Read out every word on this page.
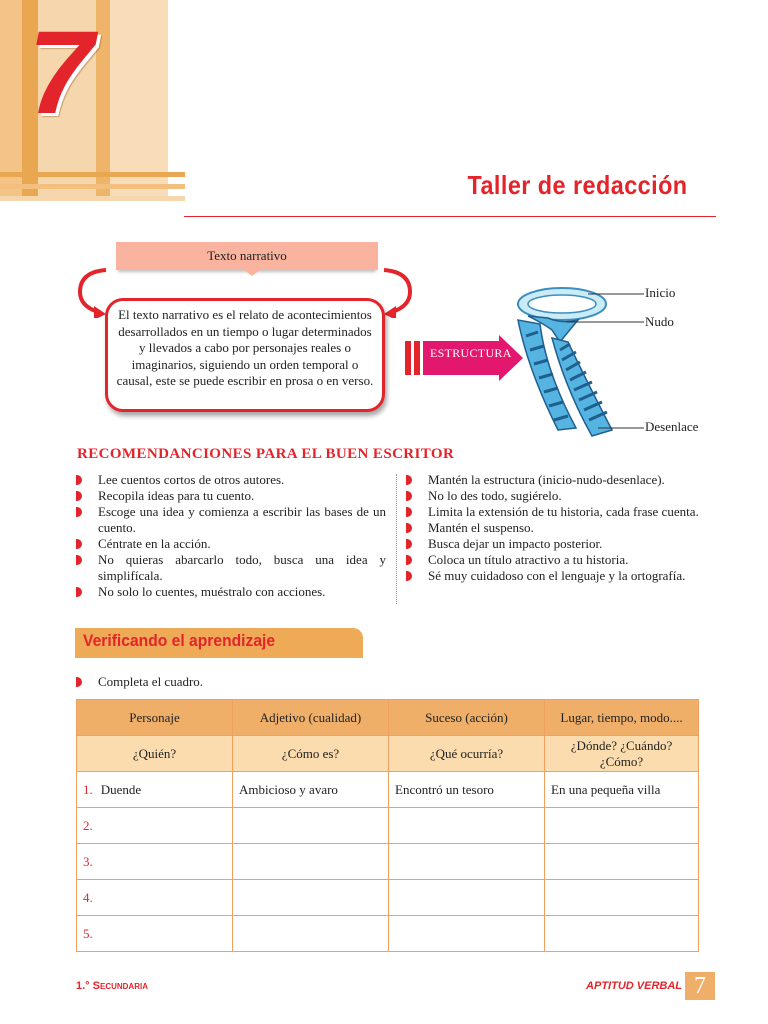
7
Taller de redacción
Texto narrativo
El texto narrativo es el relato de acontecimientos desarrollados en un tiempo o lugar determinados y llevados a cabo por personajes reales o imaginarios, siguiendo un orden temporal o causal, este se puede escribir en prosa o en verso.
ESTRUCTURA
Inicio
Nudo
Desenlace
RECOMENDANCIONES PARA EL BUEN ESCRITOR
Lee cuentos cortos de otros autores.
Recopila ideas para tu cuento.
Escoge una idea y comienza a escribir las bases de un cuento.
Céntrate en la acción.
No quieras abarcarlo todo, busca una idea y simplifícala.
No solo lo cuentes, muéstralo con acciones.
Mantén la estructura (inicio-nudo-desenlace).
No lo des todo, sugiérelo.
Limita la extensión de tu historia, cada frase cuenta.
Mantén el suspenso.
Busca dejar un impacto posterior.
Coloca un título atractivo a tu historia.
Sé muy cuidadoso con el lenguaje y la ortografía.
Verificando el aprendizaje
Completa el cuadro.
Personaje	Adjetivo (cualidad)	Suceso (acción)	Lugar, tiempo, modo....
¿Quién?	¿Cómo es?	¿Qué ocurría?	¿Dónde? ¿Cuándo? ¿Cómo?
1. Duende	Ambicioso y avaro	Encontró un tesoro	En una pequeña villa
2.			
3.			
4.			
5.			
1.° Secundaria	APTITUD VERBAL 7
